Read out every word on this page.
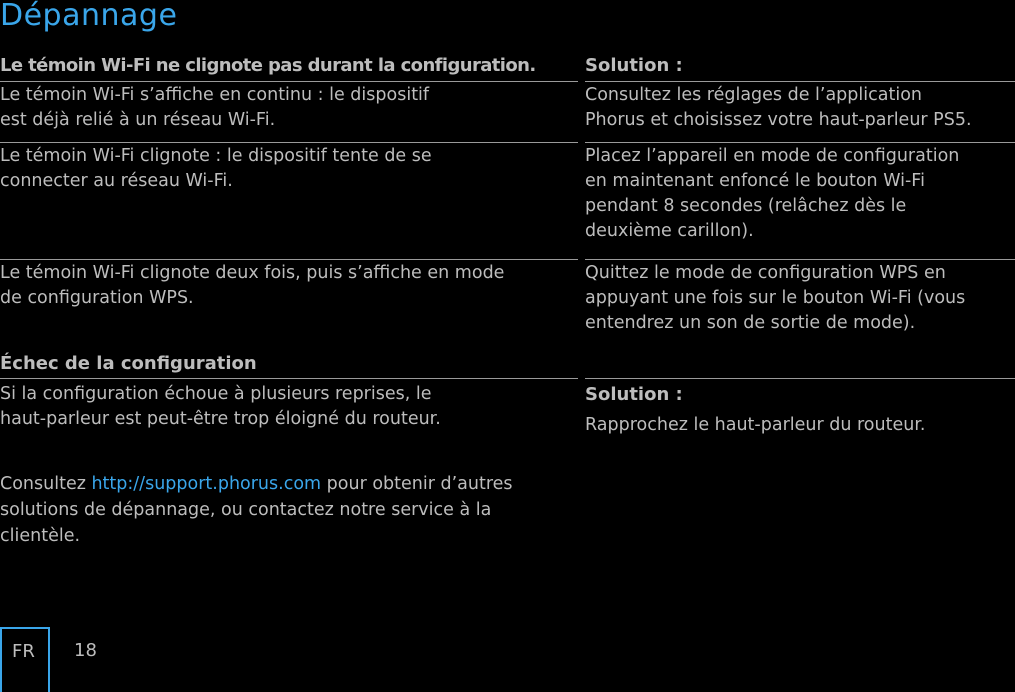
Dépannage
Le témoin Wi-Fi ne clignote pas durant la configuration.	Solution :
Le témoin Wi-Fi s’affiche en continu : le dispositif
est déjà relié à un réseau Wi-Fi.
Consultez les réglages de l’application
Phorus et choisissez votre haut-parleur PS5.
Le témoin Wi-Fi clignote : le dispositif tente de se
connecter au réseau Wi-Fi.
Placez l’appareil en mode de configuration
en maintenant enfoncé le bouton Wi-Fi
pendant 8 secondes (relâchez dès le
deuxième carillon).
Le témoin Wi-Fi clignote deux fois, puis s’affiche en mode
de configuration WPS.
Quittez le mode de configuration WPS en
appuyant une fois sur le bouton Wi-Fi (vous
entendrez un son de sortie de mode).
Échec de la configuration
Si la configuration échoue à plusieurs reprises, le
haut-parleur est peut-être trop éloigné du routeur.
Solution :
Rapprochez le haut-parleur du routeur.
Consultez http://support.phorus.com pour obtenir d’autres solutions de dépannage, ou contactez notre service à la clientèle.
FR 18
